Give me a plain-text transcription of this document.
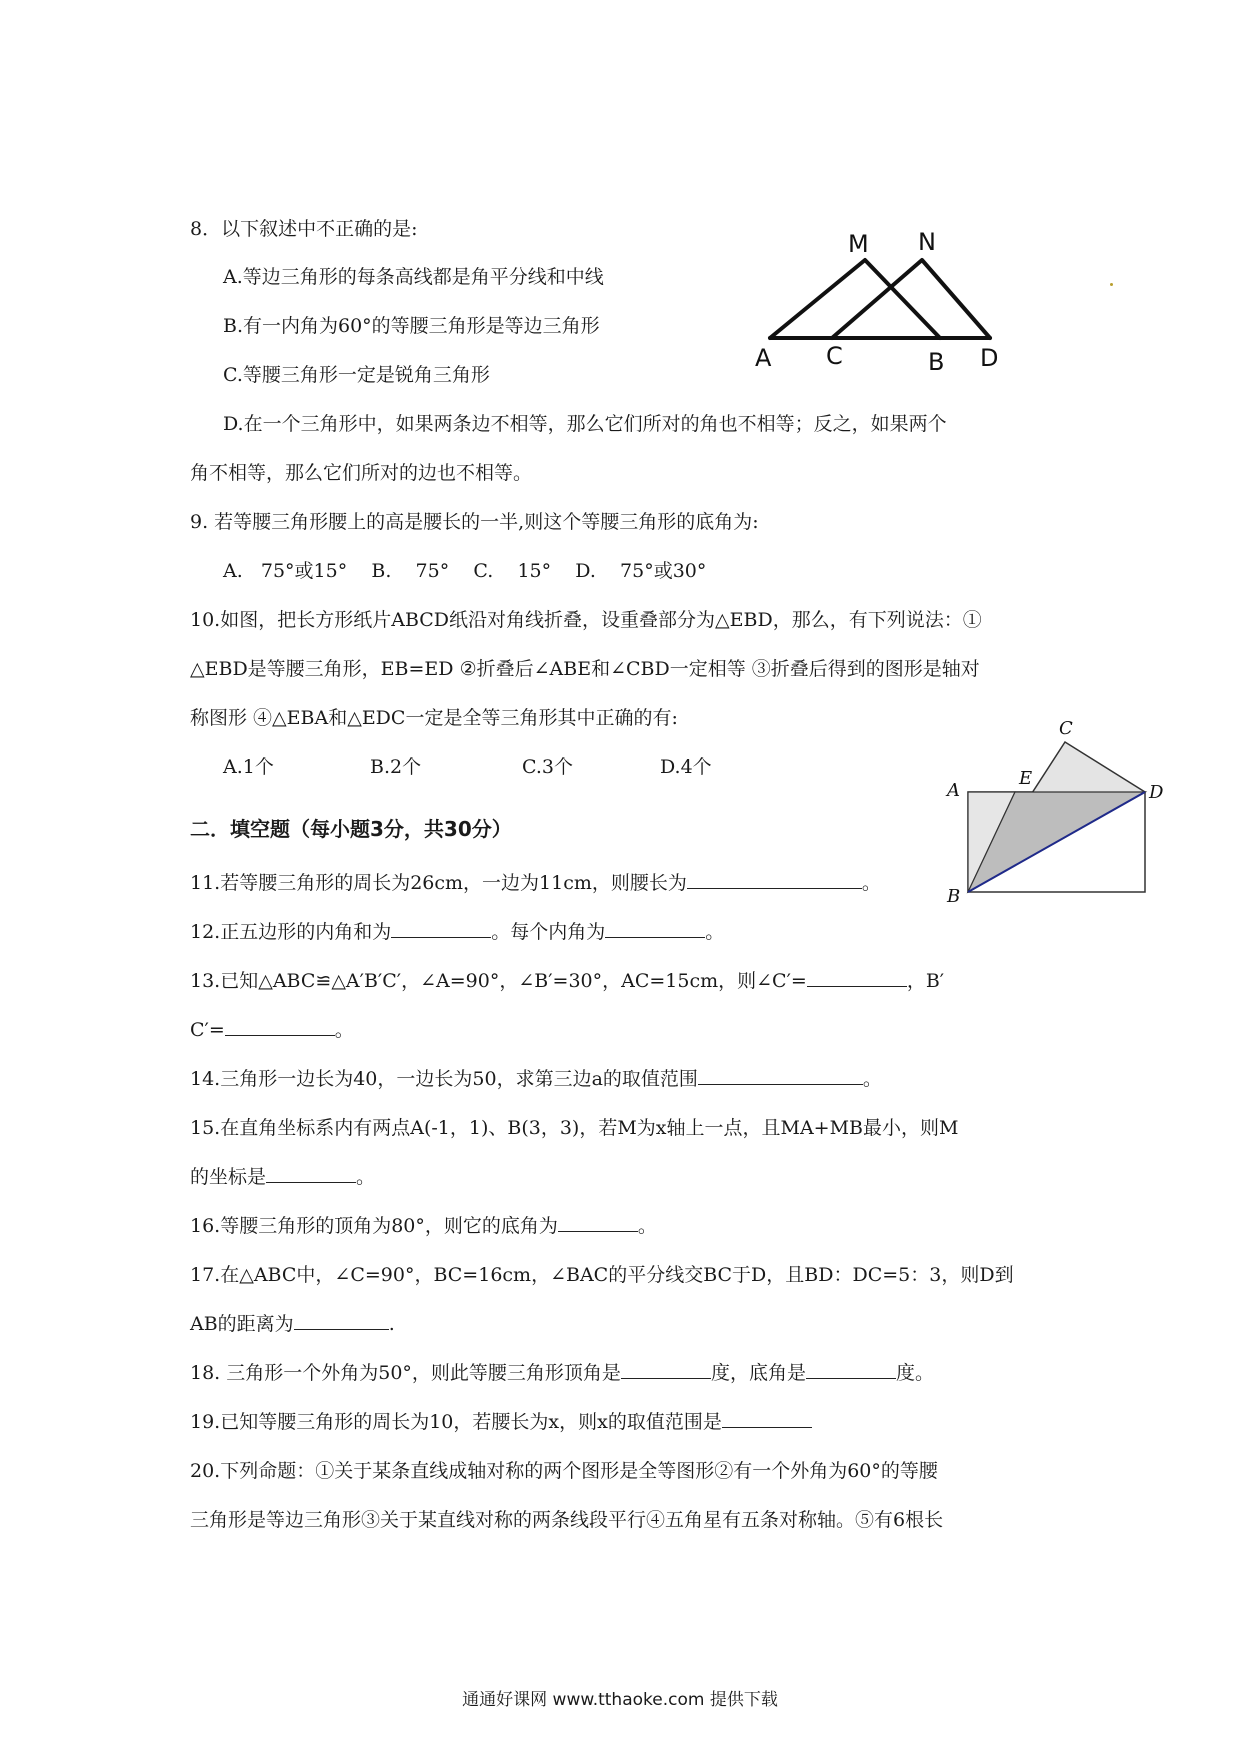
8．以下叙述中不正确的是:
A.等边三角形的每条高线都是角平分线和中线
B.有一内角为60°的等腰三角形是等边三角形
C.等腰三角形一定是锐角三角形
D.在一个三角形中，如果两条边不相等，那么它们所对的角也不相等；反之，如果两个
角不相等，那么它们所对的边也不相等。
M N
A C	B D
9. 若等腰三角形腰上的高是腰长的一半,则这个等腰三角形的底角为:
A.   75°或15°    B.    75°    C.    15°    D.    75°或30°
10.如图，把长方形纸片ABCD纸沿对角线折叠，设重叠部分为△EBD，那么，有下列说法：①
△EBD是等腰三角形，EB=ED ②折叠后∠ABE和∠CBD一定相等 ③折叠后得到的图形是轴对
称图形 ④△EBA和△EDC一定是全等三角形其中正确的有:
A.1个	B.2个	C.3个	D.4个
C
E
A	D
B
二．填空题（每小题3分，共30分）
11.若等腰三角形的周长为26cm，一边为11cm，则腰长为	。
12.正五边形的内角和为	。每个内角为	。
13.已知△ABC≌△A′B′C′，∠A=90°，∠B′=30°，AC=15cm，则∠C′=	，B′
C′=	。
14.三角形一边长为40，一边长为50，求第三边a的取值范围	。
15.在直角坐标系内有两点A(-1，1)、B(3，3)，若M为x轴上一点，且MA+MB最小，则M
的坐标是	。
16.等腰三角形的顶角为80°，则它的底角为	。
17.在△ABC中，∠C=90°，BC=16cm，∠BAC的平分线交BC于D，且BD：DC=5：3，则D到
AB的距离为	.
18. 三角形一个外角为50°，则此等腰三角形顶角是	度，底角是	度。
19.已知等腰三角形的周长为10，若腰长为x，则x的取值范围是
20.下列命题：①关于某条直线成轴对称的两个图形是全等图形②有一个外角为60°的等腰
三角形是等边三角形③关于某直线对称的两条线段平行④五角星有五条对称轴。⑤有6根长
通通好课网 www.tthaoke.com 提供下载
